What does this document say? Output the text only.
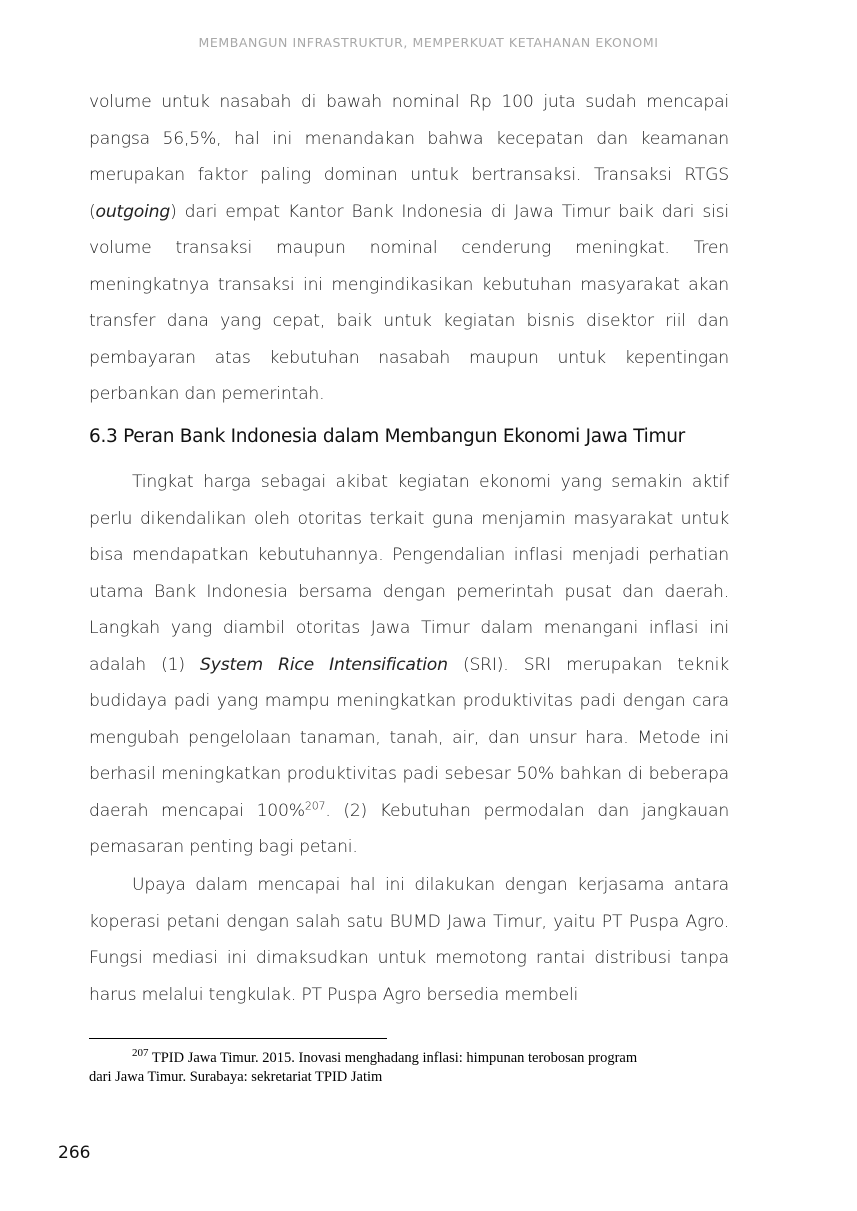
MEMBANGUN INFRASTRUKTUR, MEMPERKUAT KETAHANAN EKONOMI

volume untuk nasabah di bawah nominal Rp 100 juta sudah mencapai pangsa 56,5%, hal ini menandakan bahwa kecepatan dan keamanan merupakan faktor paling dominan untuk bertransaksi. Transaksi RTGS (outgoing) dari empat Kantor Bank Indonesia di Jawa Timur baik dari sisi volume transaksi maupun nominal cenderung meningkat. Tren meningkatnya transaksi ini mengindikasikan kebutuhan masyarakat akan transfer dana yang cepat, baik untuk kegiatan bisnis disektor riil dan pembayaran atas kebutuhan nasabah maupun untuk kepentingan perbankan dan pemerintah.

6.3 Peran Bank Indonesia dalam Membangun Ekonomi Jawa Timur

Tingkat harga sebagai akibat kegiatan ekonomi yang semakin aktif perlu dikendalikan oleh otoritas terkait guna menjamin masyarakat untuk bisa mendapatkan kebutuhannya. Pengendalian inflasi menjadi perhatian utama Bank Indonesia bersama dengan pemerintah pusat dan daerah. Langkah yang diambil otoritas Jawa Timur dalam menangani inflasi ini adalah (1) System Rice Intensification (SRI). SRI merupakan teknik budidaya padi yang mampu meningkatkan produktivitas padi dengan cara mengubah pengelolaan tanaman, tanah, air, dan unsur hara. Metode ini berhasil meningkatkan produktivitas padi sebesar 50% bahkan di beberapa daerah mencapai 100%$^{207}$. (2) Kebutuhan permodalan dan jangkauan pemasaran penting bagi petani.

Upaya dalam mencapai hal ini dilakukan dengan kerjasama antara koperasi petani dengan salah satu BUMD Jawa Timur, yaitu PT Puspa Agro. Fungsi mediasi ini dimaksudkan untuk memotong rantai distribusi tanpa harus melalui tengkulak. PT Puspa Agro bersedia membeli

$^{207}$ TPID Jawa Timur. 2015. Inovasi menghadang inflasi: himpunan terobosan program
dari Jawa Timur. Surabaya: sekretariat TPID Jatim
266
